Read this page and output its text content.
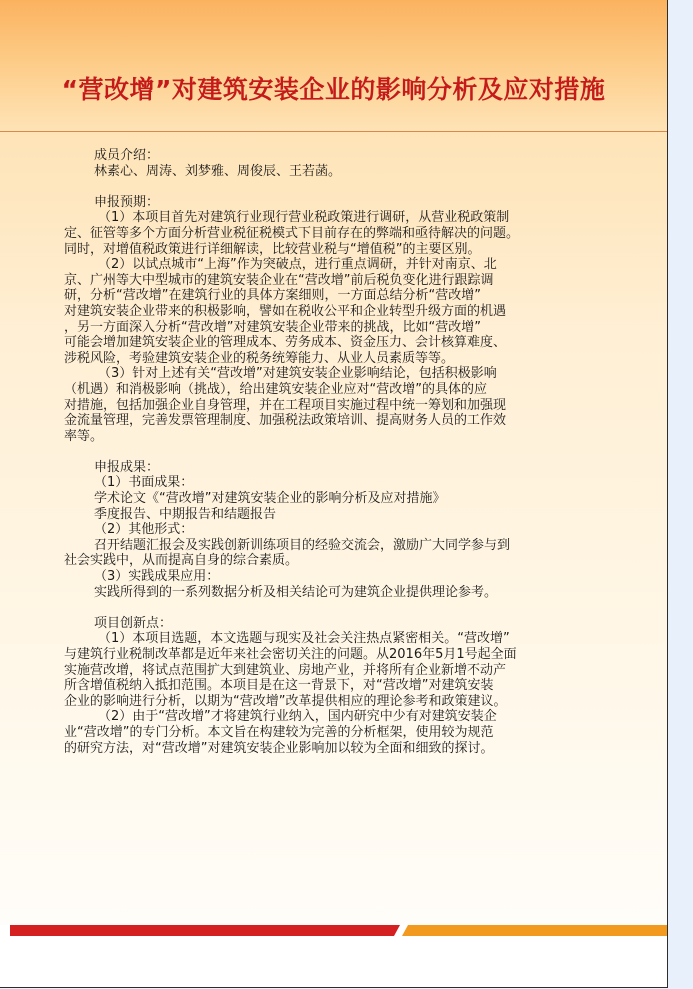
“营改增”对建筑安装企业的影响分析及应对措施
成员介绍：
林素心、周涛、刘梦雅、周俊辰、王若菡。
申报预期：
（1）本项目首先对建筑行业现行营业税政策进行调研，从营业税政策制
定、征管等多个方面分析营业税征税模式下目前存在的弊端和亟待解决的问题。
同时，对增值税政策进行详细解读，比较营业税与“增值税”的主要区别。
（2）以试点城市“上海”作为突破点，进行重点调研，并针对南京、北
京、广州等大中型城市的建筑安装企业在“营改增”前后税负变化进行跟踪调
研，分析“营改增”在建筑行业的具体方案细则，一方面总结分析“营改增”
对建筑安装企业带来的积极影响，譬如在税收公平和企业转型升级方面的机遇
，另一方面深入分析“营改增”对建筑安装企业带来的挑战，比如“营改增”
可能会增加建筑安装企业的管理成本、劳务成本、资金压力、会计核算难度、
涉税风险，考验建筑安装企业的税务统筹能力、从业人员素质等等。
（3）针对上述有关“营改增”对建筑安装企业影响结论，包括积极影响
（机遇）和消极影响（挑战），给出建筑安装企业应对“营改增”的具体的应
对措施，包括加强企业自身管理，并在工程项目实施过程中统一筹划和加强现
金流量管理，完善发票管理制度、加强税法政策培训、提高财务人员的工作效
率等。
申报成果：
（1）书面成果：
学术论文《“营改增”对建筑安装企业的影响分析及应对措施》
季度报告、中期报告和结题报告
（2）其他形式：
召开结题汇报会及实践创新训练项目的经验交流会，激励广大同学参与到
社会实践中，从而提高自身的综合素质。
（3）实践成果应用：
实践所得到的一系列数据分析及相关结论可为建筑企业提供理论参考。
项目创新点：
（1）本项目选题，本文选题与现实及社会关注热点紧密相关。“营改增”
与建筑行业税制改革都是近年来社会密切关注的问题。从2016年5月1号起全面
实施营改增，将试点范围扩大到建筑业、房地产业，并将所有企业新增不动产
所含增值税纳入抵扣范围。本项目是在这一背景下，对“营改增”对建筑安装
企业的影响进行分析，以期为“营改增”改革提供相应的理论参考和政策建议。
（2）由于“营改增”才将建筑行业纳入，国内研究中少有对建筑安装企
业“营改增”的专门分析。本文旨在构建较为完善的分析框架，使用较为规范
的研究方法，对“营改增”对建筑安装企业影响加以较为全面和细致的探讨。
